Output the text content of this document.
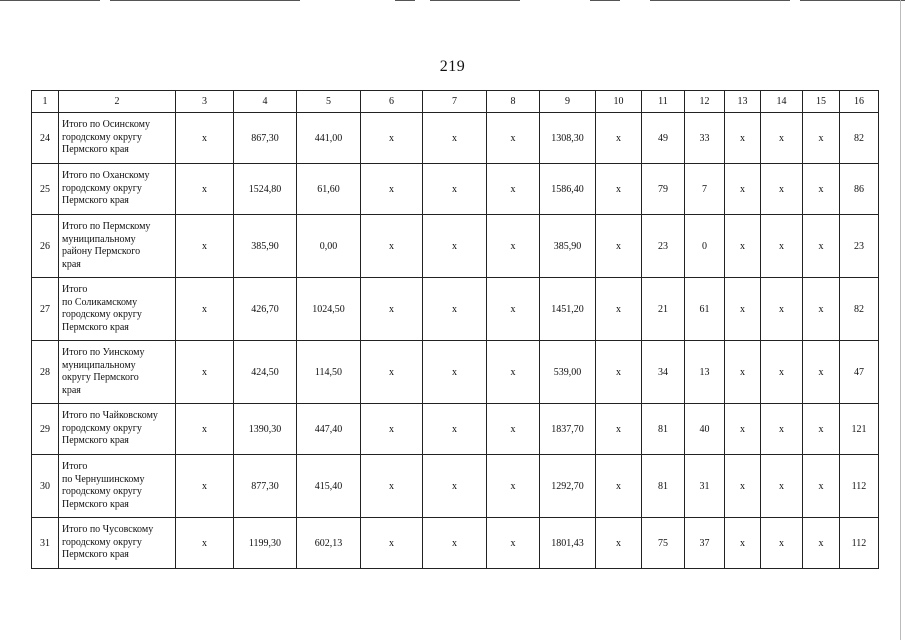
219
1	2	3	4	5	6	7	8	9	10	11	12	13	14	15	16
24	Итого по Осинскому
городскому округу
Пермского края	х	867,30	441,00	х	х	х	1308,30	х	49	33	х	х	х	82
25	Итого по Оханскому
городскому округу
Пермского края	х	1524,80	61,60	х	х	х	1586,40	х	79	7	х	х	х	86
26	Итого по Пермскому
муниципальному
району Пермского
края	х	385,90	0,00	х	х	х	385,90	х	23	0	х	х	х	23
27	Итого
по Соликамскому
городскому округу
Пермского края	х	426,70	1024,50	х	х	х	1451,20	х	21	61	х	х	х	82
28	Итого по Уинскому
муниципальному
округу Пермского
края	х	424,50	114,50	х	х	х	539,00	х	34	13	х	х	х	47
29	Итого по Чайковскому
городскому округу
Пермского края	х	1390,30	447,40	х	х	х	1837,70	х	81	40	х	х	х	121
30	Итого
по Чернушинскому
городскому округу
Пермского края	х	877,30	415,40	х	х	х	1292,70	х	81	31	х	х	х	112
31	Итого по Чусовскому
городскому округу
Пермского края	х	1199,30	602,13	х	х	х	1801,43	х	75	37	х	х	х	112
